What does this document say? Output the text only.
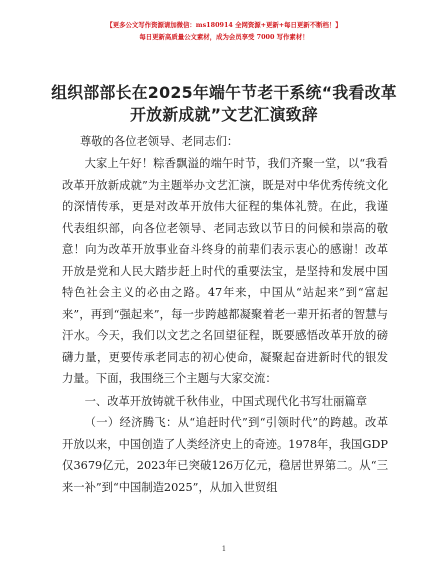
【更多公文写作资源请加微信：ms180914 全网资源+更新+每日更新不断档！】
每日更新高质量公文素材，成为会员享受 7000 写作素材！
组织部部长在2025年端午节老干系统“我看改革开放新成就”文艺汇演致辞
尊敬的各位老领导、老同志们：

大家上午好！粽香飘溢的端午时节，我们齐聚一堂，以“我看改革开放新成就”为主题举办文艺汇演，既是对中华优秀传统文化的深情传承，更是对改革开放伟大征程的集体礼赞。在此，我谨代表组织部，向各位老领导、老同志致以节日的问候和崇高的敬意！向为改革开放事业奋斗终身的前辈们表示衷心的感谢！改革开放是党和人民大踏步赶上时代的重要法宝，是坚持和发展中国特色社会主义的必由之路。47年来，中国从“站起来”到“富起来”，再到“强起来”，每一步跨越都凝聚着老一辈开拓者的智慧与汗水。今天，我们以文艺之名回望征程，既要感悟改革开放的磅礴力量，更要传承老同志的初心使命，凝聚起奋进新时代的银发力量。下面，我围绕三个主题与大家交流：

一、改革开放铸就千秋伟业，中国式现代化书写壮丽篇章

（一）经济腾飞：从“追赶时代”到“引领时代”的跨越。改革开放以来，中国创造了人类经济史上的奇迹。1978年，我国GDP仅3679亿元，2023年已突破126万亿元，稳居世界第二。从“三来一补”到“中国制造2025”，从加入世贸组

1
